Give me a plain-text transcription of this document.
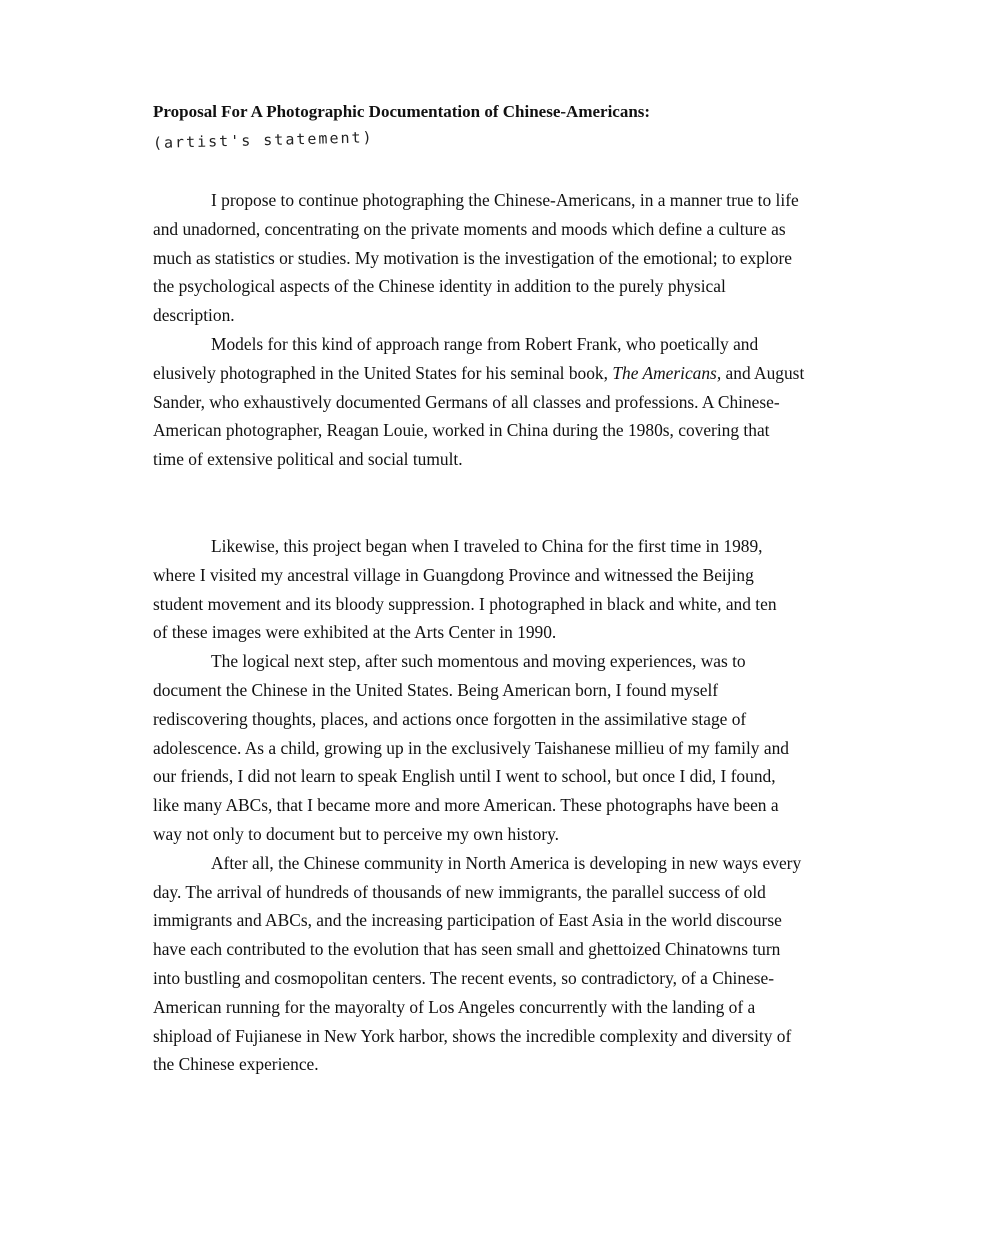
Proposal For A Photographic Documentation of Chinese-Americans:
(artist's statement)
I propose to continue photographing the Chinese-Americans, in a manner true to life
and unadorned, concentrating on the private moments and moods which define a culture as
much as statistics or studies. My motivation is the investigation of the emotional; to explore
the psychological aspects of the Chinese identity in addition to the purely physical
description.
Models for this kind of approach range from Robert Frank, who poetically and
elusively photographed in the United States for his seminal book, The Americans, and August
Sander, who exhaustively documented Germans of all classes and professions. A Chinese-
American photographer, Reagan Louie, worked in China during the 1980s, covering that
time of extensive political and social tumult.
Likewise, this project began when I traveled to China for the first time in 1989,
where I visited my ancestral village in Guangdong Province and witnessed the Beijing
student movement and its bloody suppression. I photographed in black and white, and ten
of these images were exhibited at the Arts Center in 1990.
The logical next step, after such momentous and moving experiences, was to
document the Chinese in the United States. Being American born, I found myself
rediscovering thoughts, places, and actions once forgotten in the assimilative stage of
adolescence. As a child, growing up in the exclusively Taishanese millieu of my family and
our friends, I did not learn to speak English until I went to school, but once I did, I found,
like many ABCs, that I became more and more American. These photographs have been a
way not only to document but to perceive my own history.
After all, the Chinese community in North America is developing in new ways every
day. The arrival of hundreds of thousands of new immigrants, the parallel success of old
immigrants and ABCs, and the increasing participation of East Asia in the world discourse
have each contributed to the evolution that has seen small and ghettoized Chinatowns turn
into bustling and cosmopolitan centers. The recent events, so contradictory, of a Chinese-
American running for the mayoralty of Los Angeles concurrently with the landing of a
shipload of Fujianese in New York harbor, shows the incredible complexity and diversity of
the Chinese experience.
